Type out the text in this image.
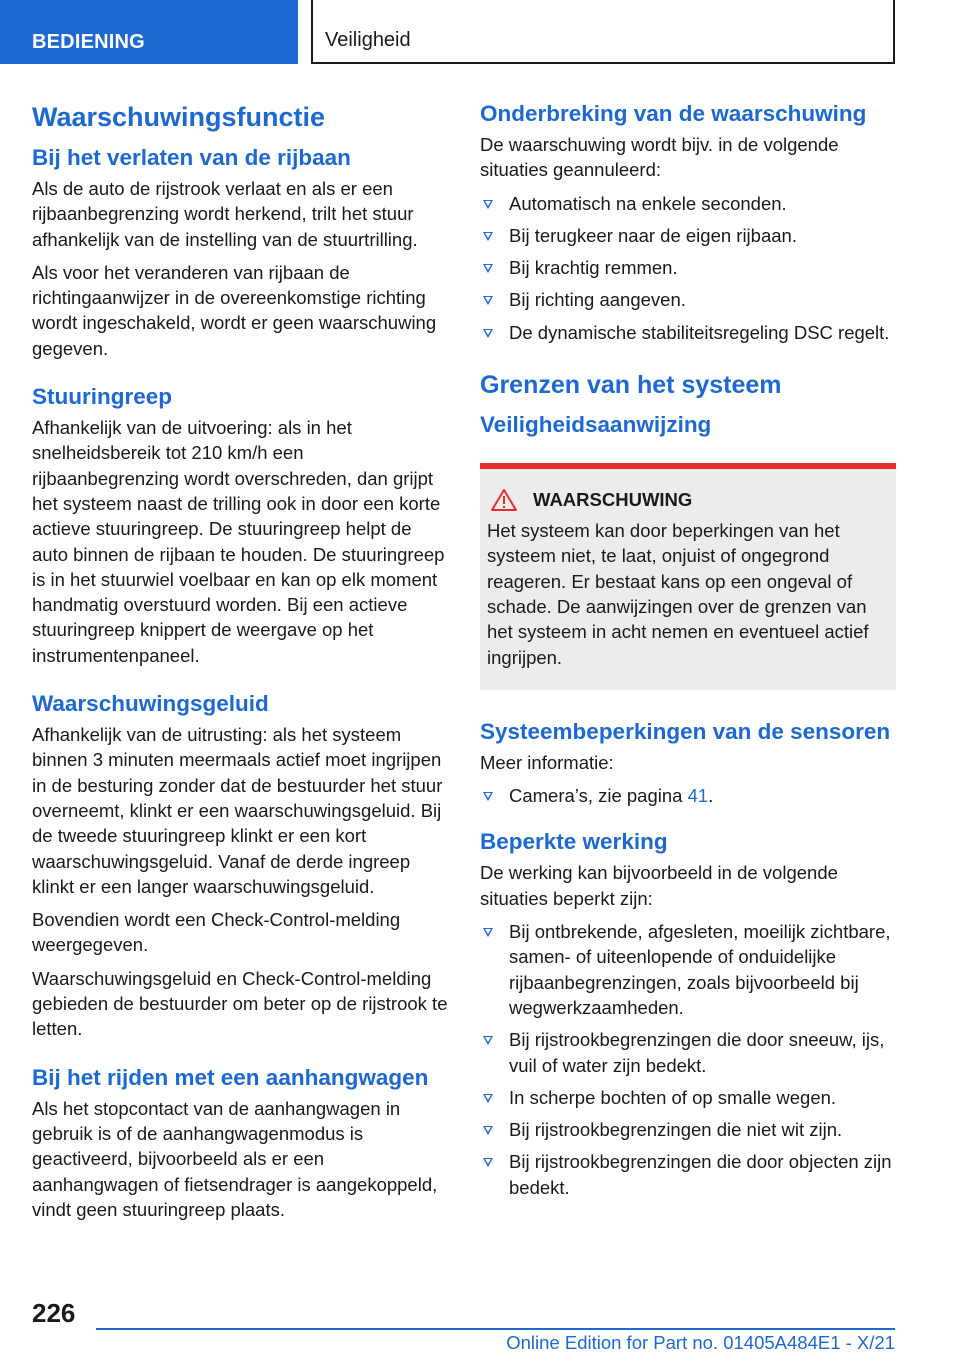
BEDIENING	Veiligheid
Waarschuwingsfunctie
Bij het verlaten van de rijbaan

Als de auto de rijstrook verlaat en als er een rijbaanbegrenzing wordt herkend, trilt het stuur afhankelijk van de instelling van de stuurtrilling.

Als voor het veranderen van rijbaan de richtingaanwijzer in de overeenkomstige richting wordt ingeschakeld, wordt er geen waarschuwing gegeven.

Stuuringreep

Afhankelijk van de uitvoering: als in het snelheidsbereik tot 210 km/h een rijbaanbegrenzing wordt overschreden, dan grijpt het systeem naast de trilling ook in door een korte actieve stuuringreep. De stuuringreep helpt de auto binnen de rijbaan te houden. De stuuringreep is in het stuurwiel voelbaar en kan op elk moment handmatig overstuurd worden. Bij een actieve stuuringreep knippert de weergave op het instrumentenpaneel.

Waarschuwingsgeluid

Afhankelijk van de uitrusting: als het systeem binnen 3 minuten meermaals actief moet ingrijpen in de besturing zonder dat de bestuurder het stuur overneemt, klinkt er een waarschuwingsgeluid. Bij de tweede stuuringreep klinkt er een kort waarschuwingsgeluid. Vanaf de derde ingreep klinkt er een langer waarschuwingsgeluid.

Bovendien wordt een Check-Control-melding weergegeven.

Waarschuwingsgeluid en Check-Control-melding gebieden de bestuurder om beter op de rijstrook te letten.

Bij het rijden met een aanhangwagen

Als het stopcontact van de aanhangwagen in gebruik is of de aanhangwagenmodus is geactiveerd, bijvoorbeeld als er een aanhangwagen of fietsendrager is aangekoppeld, vindt geen stuuringreep plaats.

Onderbreking van de waarschuwing

De waarschuwing wordt bijv. in de volgende situaties geannuleerd:

Automatisch na enkele seconden.
Bij terugkeer naar de eigen rijbaan.
Bij krachtig remmen.
Bij richting aangeven.
De dynamische stabiliteitsregeling DSC regelt.
Grenzen van het systeem
Veiligheidsaanwijzing
WAARSCHUWING

Het systeem kan door beperkingen van het systeem niet, te laat, onjuist of ongegrond reageren. Er bestaat kans op een ongeval of schade. De aanwijzingen over de grenzen van het systeem in acht nemen en eventueel actief ingrijpen.

Systeembeperkingen van de sensoren

Meer informatie:

Camera’s, zie pagina 41.
Beperkte werking

De werking kan bijvoorbeeld in de volgende situaties beperkt zijn:

Bij ontbrekende, afgesleten, moeilijk zichtbare, samen- of uiteenlopende of onduidelijke rijbaanbegrenzingen, zoals bijvoorbeeld bij wegwerkzaamheden.
Bij rijstrookbegrenzingen die door sneeuw, ijs, vuil of water zijn bedekt.
In scherpe bochten of op smalle wegen.
Bij rijstrookbegrenzingen die niet wit zijn.
Bij rijstrookbegrenzingen die door objecten zijn bedekt.
226
Online Edition for Part no. 01405A484E1 - X/21
